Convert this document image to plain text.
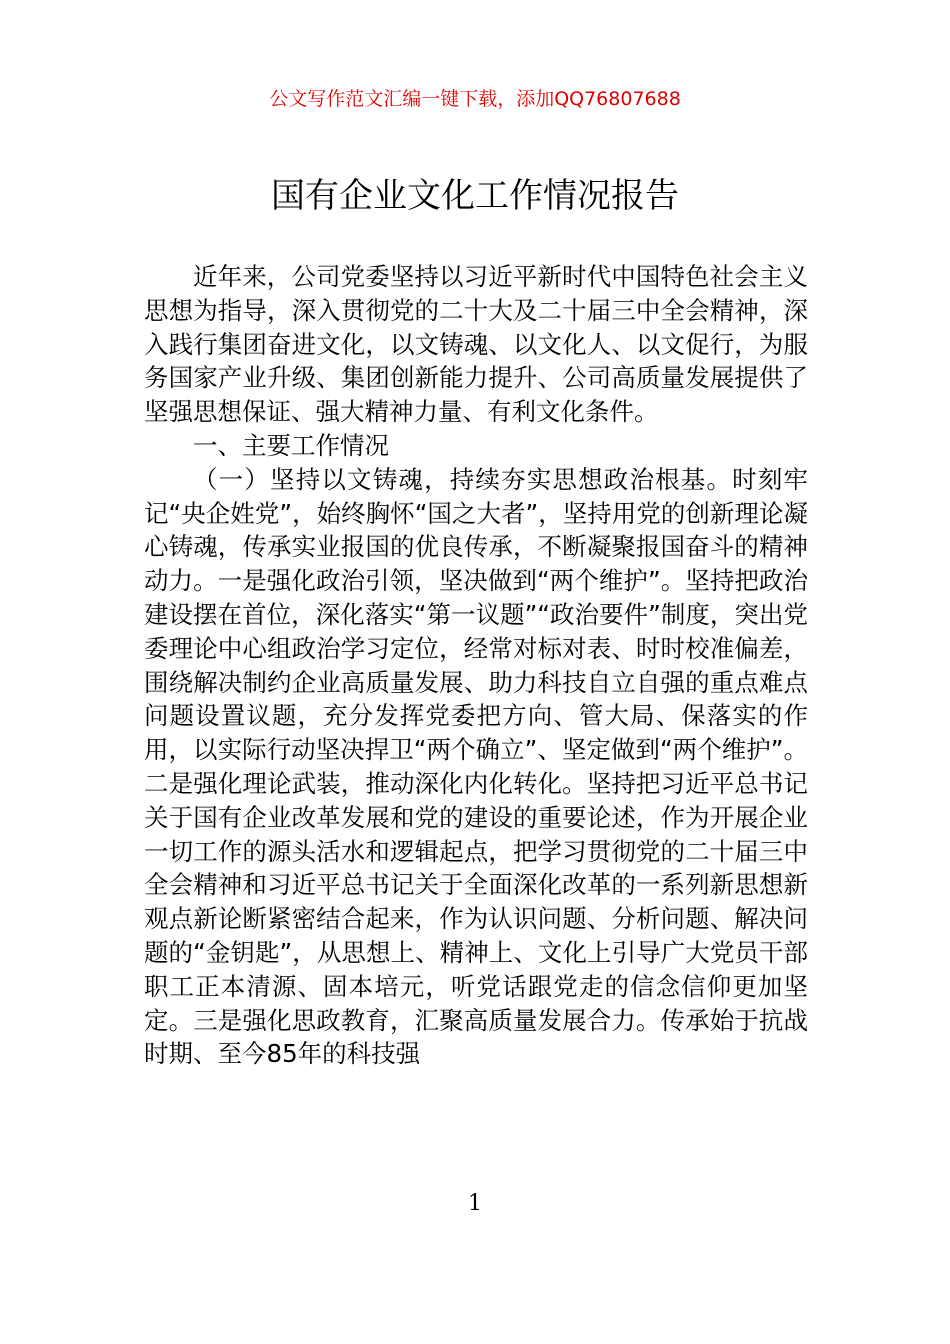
公文写作范文汇编一键下载，添加QQ76807688
国有企业文化工作情况报告

近年来，公司党委坚持以习近平新时代中国特色社会主义思想为指导，深入贯彻党的二十大及二十届三中全会精神，深入践行集团奋进文化，以文铸魂、以文化人、以文促行，为服务国家产业升级、集团创新能力提升、公司高质量发展提供了坚强思想保证、强大精神力量、有利文化条件。

一、主要工作情况

（一）坚持以文铸魂，持续夯实思想政治根基。时刻牢记“央企姓党”，始终胸怀“国之大者”，坚持用党的创新理论凝心铸魂，传承实业报国的优良传承，不断凝聚报国奋斗的精神动力。一是强化政治引领，坚决做到“两个维护”。坚持把政治建设摆在首位，深化落实“第一议题”“政治要件”制度，突出党委理论中心组政治学习定位，经常对标对表、时时校准偏差，围绕解决制约企业高质量发展、助力科技自立自强的重点难点问题设置议题，充分发挥党委把方向、管大局、保落实的作用，以实际行动坚决捍卫“两个确立”、坚定做到“两个维护”。二是强化理论武装，推动深化内化转化。坚持把习近平总书记关于国有企业改革发展和党的建设的重要论述，作为开展企业一切工作的源头活水和逻辑起点，把学习贯彻党的二十届三中全会精神和习近平总书记关于全面深化改革的一系列新思想新观点新论断紧密结合起来，作为认识问题、分析问题、解决问题的“金钥匙”，从思想上、精神上、文化上引导广大党员干部职工正本清源、固本培元，听党话跟党走的信念信仰更加坚定。三是强化思政教育，汇聚高质量发展合力。传承始于抗战时期、至今85年的科技强

1
